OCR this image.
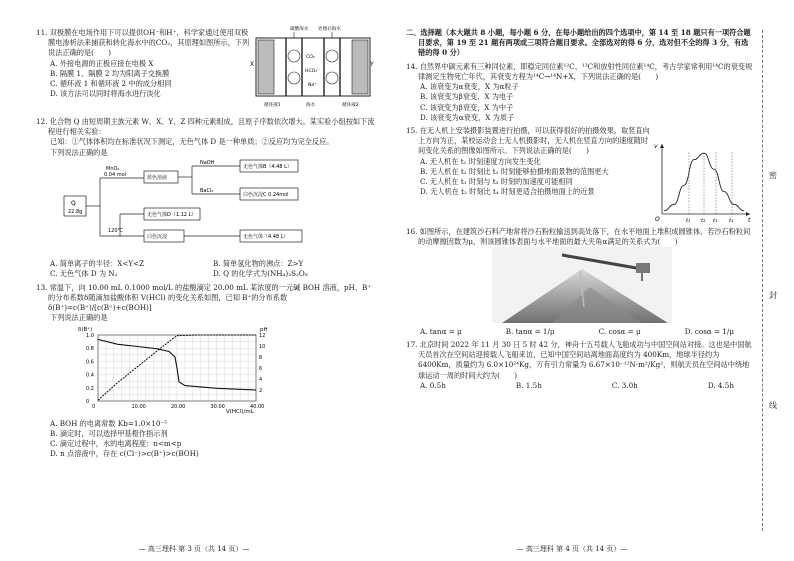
11. 双极膜在电场作用下可以提供OH⁻和H⁺，科学家通过使用双极膜电渗析法来捕获和转化海水中的CO₂，其原理如图所示，下列说法正确的是(　　)
A. 外接电源的正极应接在电极 X
B. 隔膜 1、隔膜 2 均为阳离子交换膜
C. 循环液 1 和循环液 2 中的成分相同
D. 该方法可以同时将海水进行淡化
X	Y
CO₂
HCO₃⁻
Na⁺
碳酸海水 处理后海水
循环液1	海水	循环液2
12. 化合物 Q 由短周期主族元素 W、X、Y、Z 四种元素组成，且原子序数依次增大。某实验小组按如下流程进行相关实验：
已知：①气体体积均在标准状况下测定，无色气体 D 是一种单质；②反应均为完全反应。
下列说法正确的是
Q
22.8g
MnO₂
0.04 mol	蓝色溶液
NaOH
BaCl₂
无色气体B（4.48 L）
白色沉淀C 0.24mol
120℃
无色气体D（1.12 L）
白色沉淀	无色气体（4.48 L）
A. 简单离子的半径：X<Y<Z	B. 简单氢化物的沸点：Z>Y
C. 无色气体 D 为 N₂	D. Q 的化学式为(NH₄)₂S₂O₈
13. 常温下，向 10.00 mL 0.1000 mol/L 的盐酸滴定 20.00 mL 某浓度的一元碱 BOH 溶液，pH、B⁺的分布系数δ随滴加盐酸体积 V(HCl) 的变化关系如图，已知 B⁺的分布系数 δ(B⁺)=c(B⁺)/[c(B⁺)+c(BOH)]
下列说法正确的是
δ(B⁺)	pH
V(HCl)/mL
0	10.00	20.00	30.00	40.00
0
0.2
0.4
0.6
0.8
1.0
2
4
6
8
10
12
A. BOH 的电离常数 Kb=1.0×10⁻⁵
B. 滴定时，可以选择甲基橙作指示剂
C. 滴定过程中，水的电离程度：n<m<p
D. n 点溶液中，存在 c(Cl⁻)>c(B⁺)>c(BOH)
— 高三理科 第 3 页（共 14 页）—
二、选择题（本大题共 8 小题，每小题 6 分，在每小题给出的四个选项中，第 14 至 18 题只有一项符合题目要求，第 19 至 21 题有两项或三项符合题目要求。全部选对的得 6 分，选对但不全的得 3 分，有选错的得 0 分）
14. 自然界中碳元素有三种同位素，即稳定同位素¹²C、¹³C和放射性同位素¹⁴C，考古学家常利用¹⁴C的衰变规律测定生物死亡年代，其衰变方程为¹⁴C→¹⁴N+X，下列说法正确的是(　　)
A. 该衰变为α衰变，X 为α粒子
B. 该衰变为β衰变，X 为电子
C. 该衰变为β衰变，X 为中子
D. 该衰变为α衰变，X 为质子
15. 在无人机上安装摄影装置进行拍摄，可以获得很好的拍摄效果。取竖直向上方向为正，某校运动会上无人机摄影时，无人机在竖直方向的速度随时间变化关系的图像如图所示。下列说法正确的是(　　)
A. 无人机在 t₁ 时刻速度方向发生变化
B. 无人机在 t₂ 时刻比 t₁ 时刻能够拍摄地面景物的范围更大
C. 无人机在 t₁ 时刻与 t₃ 时刻的加速度可能相同
D. 无人机在 t₂ 时刻比 t₄ 时刻更适合拍摄地面上的近景
v
t
O	t₁ t₂ t₃ t₄
16. 如图所示，在建筑沙石料产地常将沙石粉粒输送到高处落下，在水平地面上堆积成圆锥体，若沙石粉粒间的动摩擦因数为μ，则该圆锥体表面与水平地面的最大夹角α满足的关系式为(　　)
A. tanα = μ	B. tanα = 1/μ	C. cosα = μ	D. cosα = 1/μ
17. 北京时间 2022 年 11 月 30 日 5 时 42 分，神舟十五号载人飞船成功与中国空间站对接。这也是中国航天员首次在空间站迎接载人飞船来访，已知中国空间站离地面高度约为 400Km，地球半径约为 6400Km，质量约为 6.0×10²⁴Kg，万有引力常量为 6.67×10⁻¹¹N·m²/Kg²，则航天员在空间站中绕地球运动一周的时间大约为(　　)
A. 0.5h	B. 1.5h	C. 3.0h	D. 4.5h
— 高三理科 第 4 页（共 14 页）—
密
封
线
